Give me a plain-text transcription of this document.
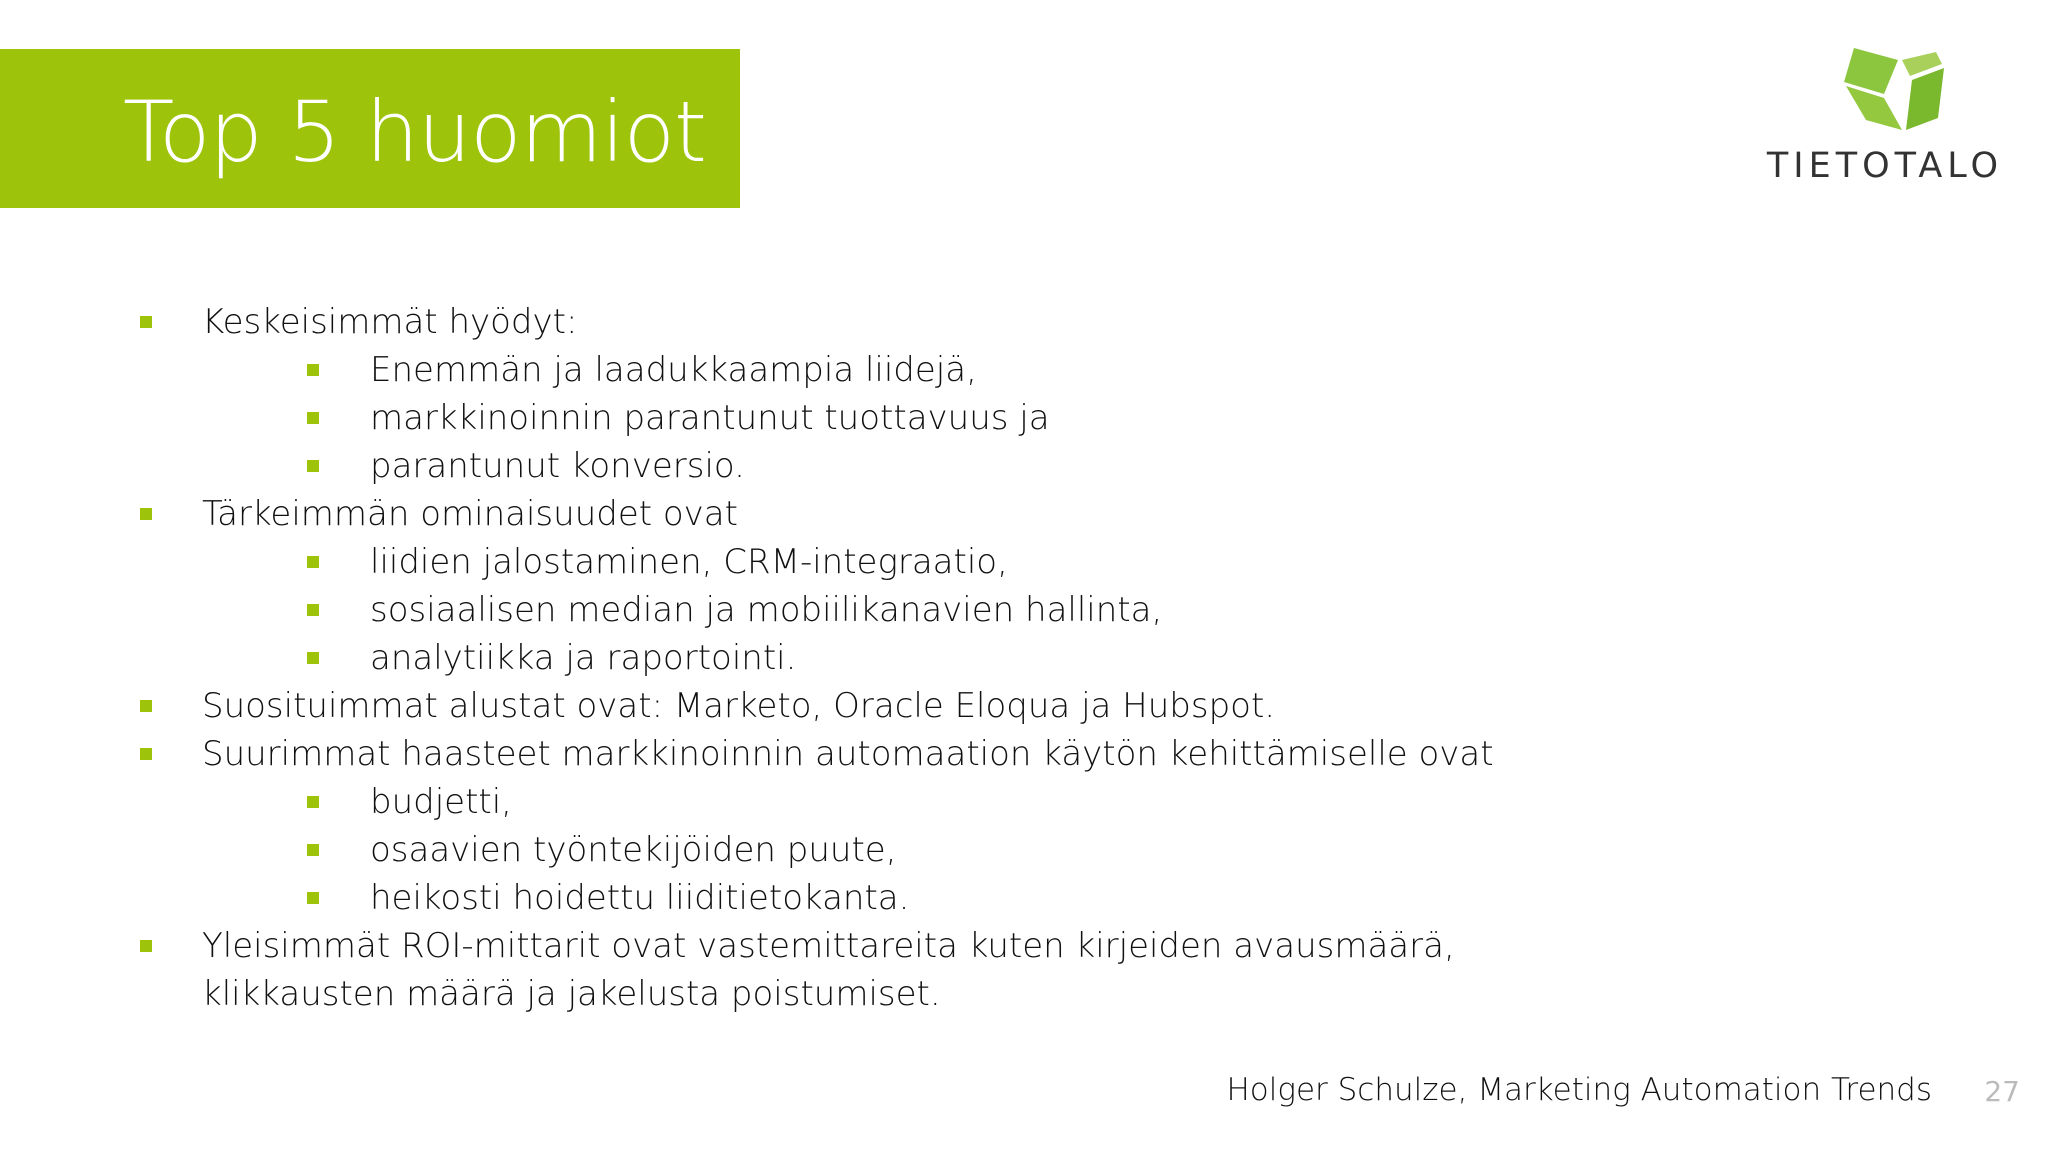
Top 5 huomiot	TIETOTALO
Keskeisimmät hyödyt:
Enemmän ja laadukkaampia liidejä,
markkinoinnin parantunut tuottavuus ja
parantunut konversio.
Tärkeimmän ominaisuudet ovat
liidien jalostaminen, CRM-integraatio,
sosiaalisen median ja mobiilikanavien hallinta,
analytiikka ja raportointi.
Suosituimmat alustat ovat: Marketo, Oracle Eloqua ja Hubspot.
Suurimmat haasteet markkinoinnin automaation käytön kehittämiselle ovat
budjetti,
osaavien työntekijöiden puute,
heikosti hoidettu liiditietokanta.
Yleisimmät ROI-mittarit ovat vastemittareita kuten kirjeiden avausmäärä,
klikkausten määrä ja jakelusta poistumiset.
Holger Schulze, Marketing Automation Trends	27
